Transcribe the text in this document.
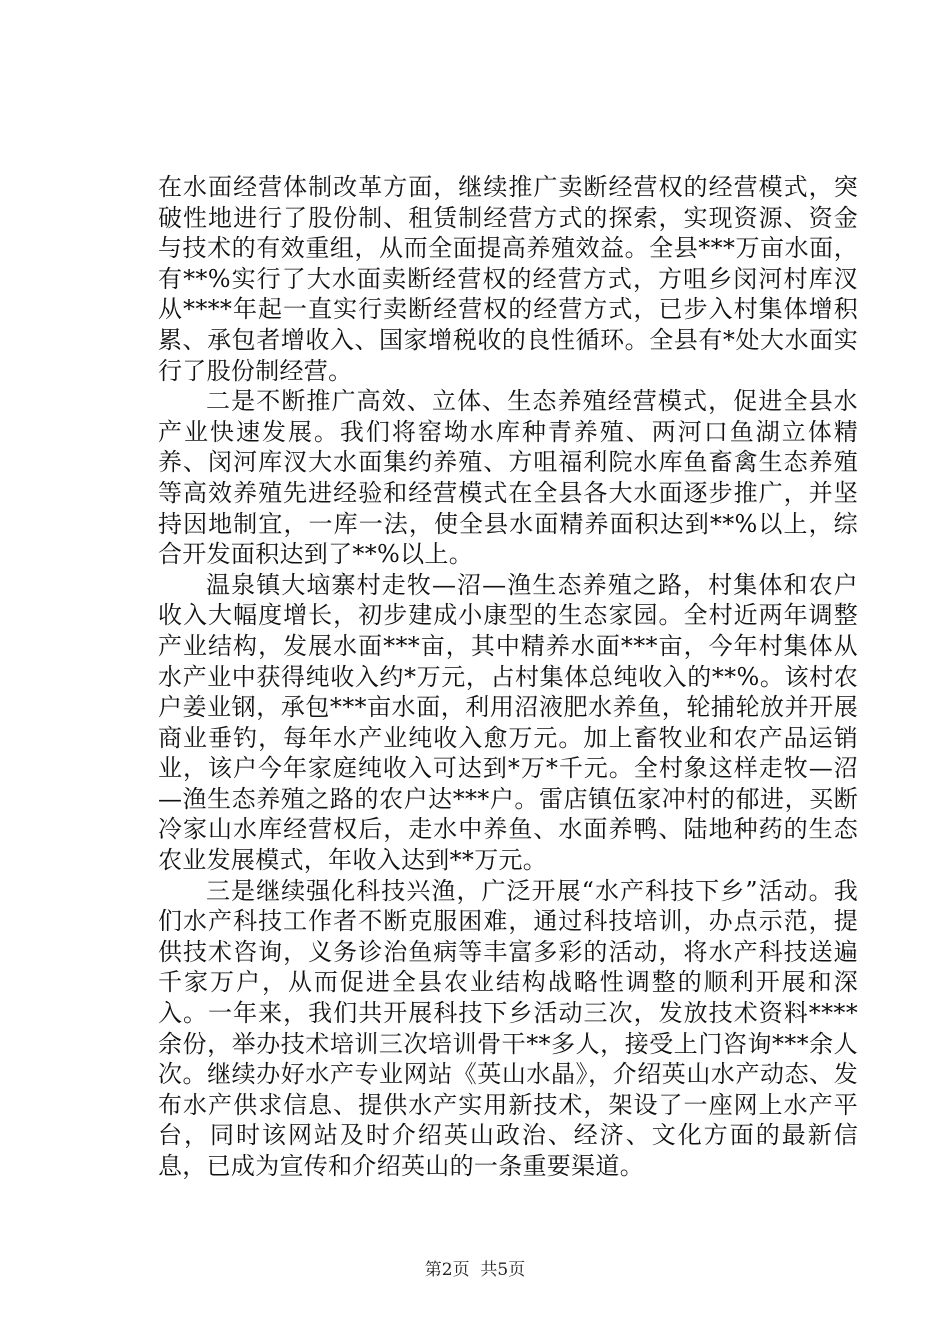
在水面经营体制改革方面，继续推广卖断经营权的经营模式，突破性地进行了股份制、租赁制经营方式的探索，实现资源、资金与技术的有效重组，从而全面提高养殖效益。全县***万亩水面，有**%实行了大水面卖断经营权的经营方式，方咀乡闵河村库汊从****年起一直实行卖断经营权的经营方式，已步入村集体增积累、承包者增收入、国家增税收的良性循环。全县有*处大水面实行了股份制经营。

二是不断推广高效、立体、生态养殖经营模式，促进全县水产业快速发展。我们将窑坳水库种青养殖、两河口鱼湖立体精养、闵河库汊大水面集约养殖、方咀福利院水库鱼畜禽生态养殖等高效养殖先进经验和经营模式在全县各大水面逐步推广，并坚持因地制宜，一库一法，使全县水面精养面积达到**%以上，综合开发面积达到了**%以上。

温泉镇大垴寨村走牧—沼—渔生态养殖之路，村集体和农户收入大幅度增长，初步建成小康型的生态家园。全村近两年调整产业结构，发展水面***亩，其中精养水面***亩，今年村集体从水产业中获得纯收入约*万元，占村集体总纯收入的**%。该村农户姜业钢，承包***亩水面，利用沼液肥水养鱼，轮捕轮放并开展商业垂钓，每年水产业纯收入愈万元。加上畜牧业和农产品运销业，该户今年家庭纯收入可达到*万*千元。全村象这样走牧—沼—渔生态养殖之路的农户达***户。雷店镇伍家冲村的郁进，买断冷家山水库经营权后，走水中养鱼、水面养鸭、陆地种药的生态农业发展模式，年收入达到**万元。

三是继续强化科技兴渔，广泛开展“水产科技下乡”活动。我们水产科技工作者不断克服困难，通过科技培训，办点示范，提供技术咨询，义务诊治鱼病等丰富多彩的活动，将水产科技送遍千家万户，从而促进全县农业结构战略性调整的顺利开展和深入。一年来，我们共开展科技下乡活动三次，发放技术资料****余份，举办技术培训三次培训骨干**多人，接受上门咨询***余人次。继续办好水产专业网站《英山水晶》，介绍英山水产动态、发布水产供求信息、提供水产实用新技术，架设了一座网上水产平台，同时该网站及时介绍英山政治、经济、文化方面的最新信息，已成为宣传和介绍英山的一条重要渠道。

第2页  共5页
